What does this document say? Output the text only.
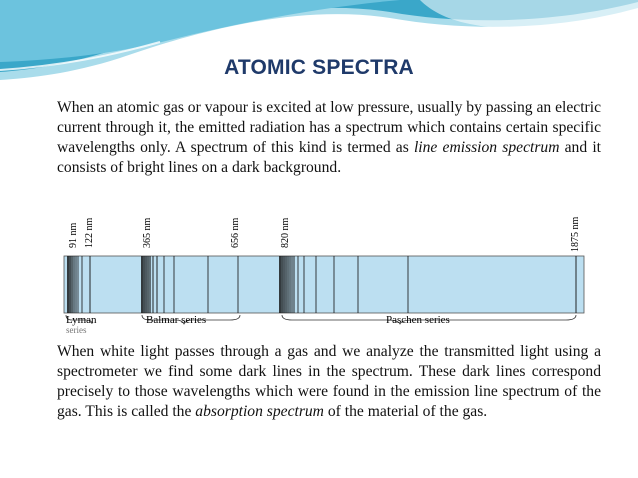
ATOMIC SPECTRA
When an atomic gas or vapour is excited at low pressure, usually by passing an electric current through it, the emitted radiation has a spectrum which contains certain specific wavelengths only. A spectrum of this kind is termed as line emission spectrum and it consists of bright lines on a dark background.
91 nm 122 nm	365 nm	656 nm	820 nm	1875 nm
Lyman series
Balmar series	Paschen series
When white light passes through a gas and we analyze the transmitted light using a spectrometer we find some dark lines in the spectrum. These dark lines correspond precisely to those wavelengths which were found in the emission line spectrum of the gas. This is called the absorption spectrum of the material of the gas.
